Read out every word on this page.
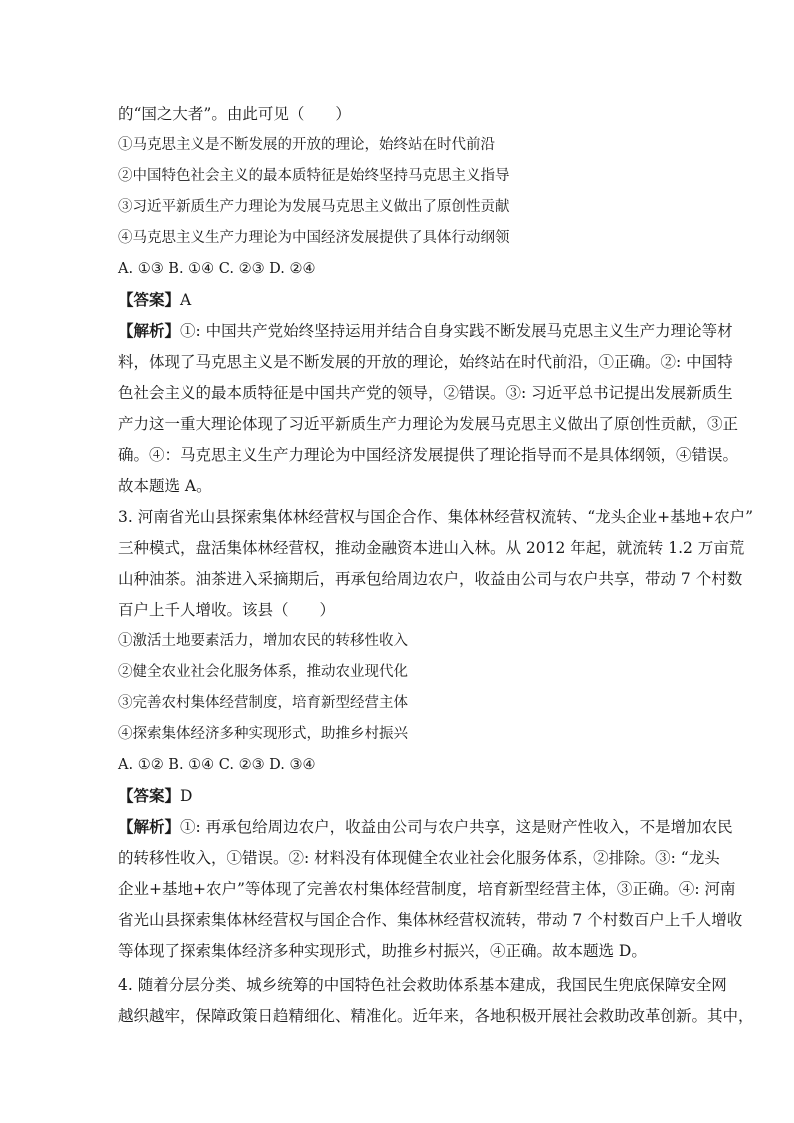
的“国之大者”。由此可见（　　）
①马克思主义是不断发展的开放的理论，始终站在时代前沿
②中国特色社会主义的最本质特征是始终坚持马克思主义指导
③习近平新质生产力理论为发展马克思主义做出了原创性贡献
④马克思主义生产力理论为中国经济发展提供了具体行动纲领
A. ①③ B. ①④ C. ②③ D. ②④
【答案】A
【解析】①: 中国共产党始终坚持运用并结合自身实践不断发展马克思主义生产力理论等材
料，体现了马克思主义是不断发展的开放的理论，始终站在时代前沿，①正确。②: 中国特
色社会主义的最本质特征是中国共产党的领导，②错误。③: 习近平总书记提出发展新质生
产力这一重大理论体现了习近平新质生产力理论为发展马克思主义做出了原创性贡献，③正
确。④：马克思主义生产力理论为中国经济发展提供了理论指导而不是具体纲领，④错误。
故本题选 A。
3. 河南省光山县探索集体林经营权与国企合作、集体林经营权流转、“龙头企业+基地+农户”
三种模式，盘活集体林经营权，推动金融资本进山入林。从 2012 年起，就流转 1.2 万亩荒
山种油茶。油茶进入采摘期后，再承包给周边农户，收益由公司与农户共享，带动 7 个村数
百户上千人增收。该县（　　）
①激活土地要素活力，增加农民的转移性收入
②健全农业社会化服务体系，推动农业现代化
③完善农村集体经营制度，培育新型经营主体
④探索集体经济多种实现形式，助推乡村振兴
A. ①② B. ①④ C. ②③ D. ③④
【答案】D
【解析】①: 再承包给周边农户，收益由公司与农户共享，这是财产性收入，不是增加农民
的转移性收入，①错误。②: 材料没有体现健全农业社会化服务体系，②排除。③: “龙头
企业+基地+农户”等体现了完善农村集体经营制度，培育新型经营主体，③正确。④: 河南
省光山县探索集体林经营权与国企合作、集体林经营权流转，带动 7 个村数百户上千人增收
等体现了探索集体经济多种实现形式，助推乡村振兴，④正确。故本题选 D。
4. 随着分层分类、城乡统筹的中国特色社会救助体系基本建成，我国民生兜底保障安全网
越织越牢，保障政策日趋精细化、精准化。近年来，各地积极开展社会救助改革创新。其中，
